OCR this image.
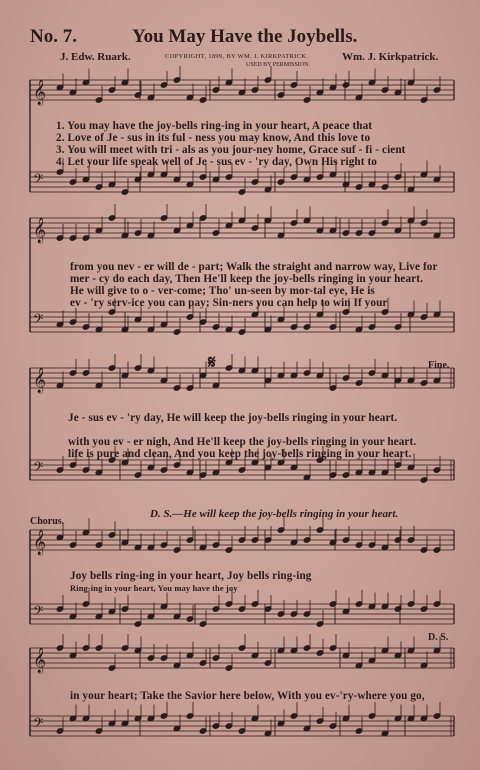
No. 7.	You May Have the Joybells.
J. Edw. Ruark.	COPYRIGHT, 1899, BY WM. J. KIRKPATRICK.
USED BY PERMISSION.
Wm. J. Kirkpatrick.
𝄞
𝄢
𝄞
𝄢
𝄞
𝄢
𝄞
𝄢
𝄞
𝄢
1. You may have the joy-bells ring-ing in your heart, A peace that
2. Love of Je - sus in its ful - ness you may know, And this love to
3. You will meet with tri - als as you jour-ney home, Grace suf - fi - cient
4. Let your life speak well of Je - sus ev - 'ry day, Own His right to
from you nev - er will de - part; Walk the straight and narrow way, Live for
mer - cy do each day, Then He'll keep the joy-bells ringing in your heart.
He will give to o - ver-come; Tho' un-seen by mor-tal eye, He is
ev - 'ry serv-ice you can pay; Sin-ners you can help to win If your
Je - sus ev - 'ry day, He will keep the joy-bells ringing in your heart.
with you ev - er nigh, And He'll keep the joy-bells ringing in your heart.
life is pure and clean, And you keep the joy-bells ringing in your heart.
Fine.
𝄋
D. S.—He will keep the joy-bells ringing in your heart.
Chorus.
Joy bells ring-ing in your heart, Joy bells ring-ing
Ring-ing in your heart, You may have the joy
D. S.
in your heart; Take the Savior here below, With you ev-'ry-where you go,
